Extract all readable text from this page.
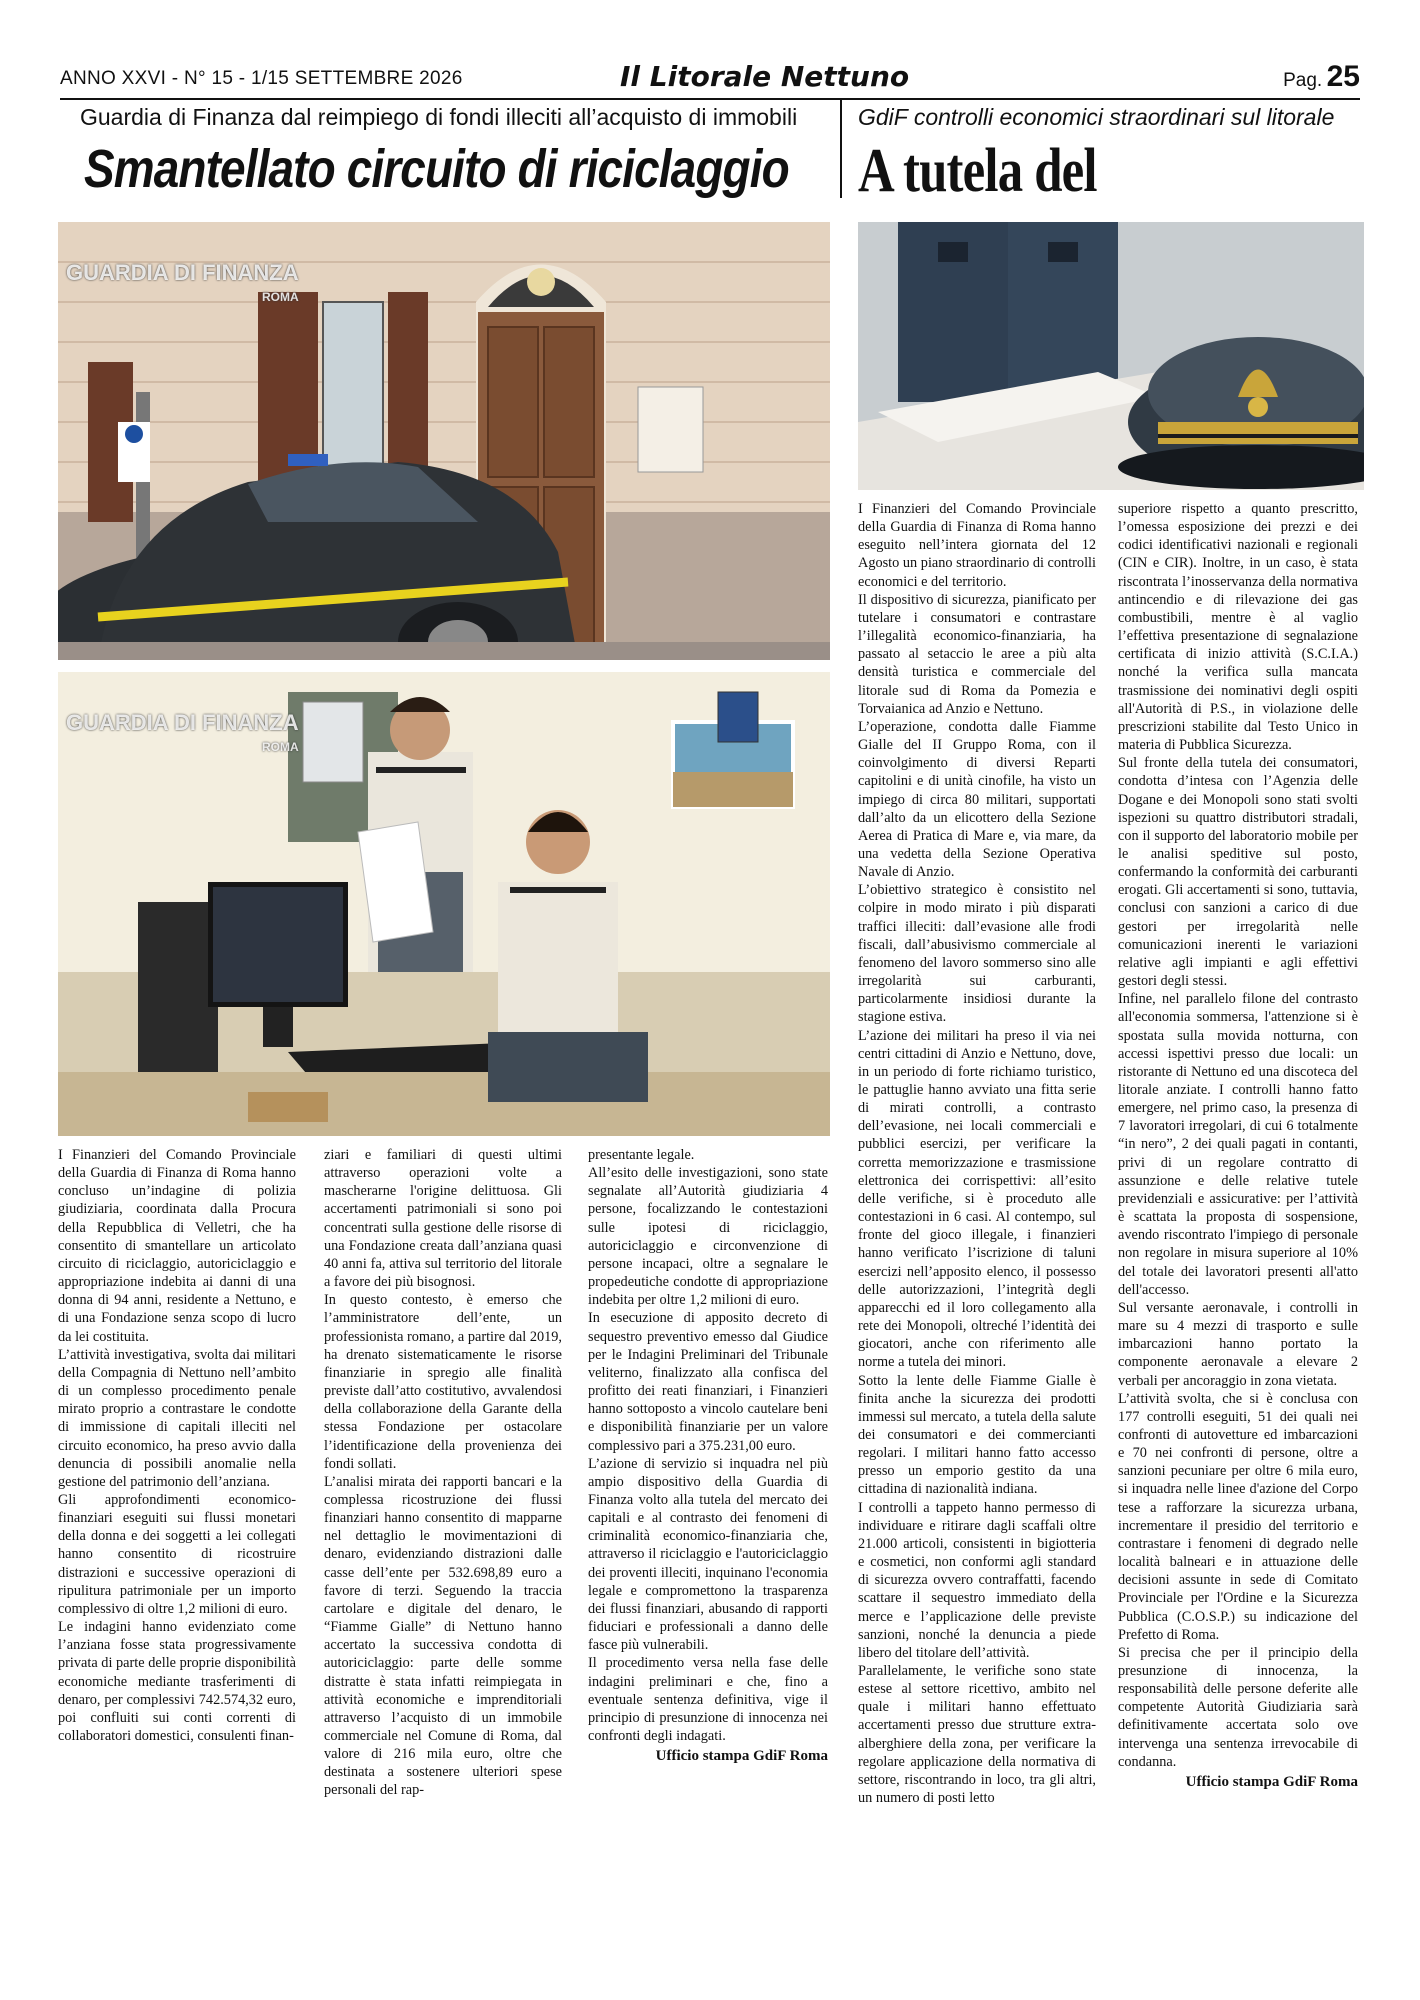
ANNO XXVI - N° 15 - 1/15 SETTEMBRE 2026	Il Litorale Nettuno	Pag. 25
Guardia di Finanza dal reimpiego di fondi illeciti all’acquisto di immobili
Smantellato circuito di riciclaggio
GdiF controlli economici straordinari sul litorale
A tutela del
GUARDIA DI FINANZA
ROMA
GUARDIA DI FINANZA
ROMA

I Finanzieri del Comando Provinciale della Guardia di Finanza di Roma hanno concluso un’indagine di polizia giudiziaria, coordinata dalla Procura della Repubblica di Velletri, che ha consentito di smantellare un articolato circuito di riciclaggio, autoriciclaggio e appropriazione indebita ai danni di una donna di 94 anni, residente a Nettuno, e di una Fondazione senza scopo di lucro da lei costituita.

L’attività investigativa, svolta dai militari della Compagnia di Nettuno nell’ambito di un complesso procedimento penale mirato proprio a contrastare le condotte di immissione di capitali illeciti nel circuito economico, ha preso avvio dalla denuncia di possibili anomalie nella gestione del patrimonio dell’anziana.

Gli approfondimenti economico-finanziari eseguiti sui flussi monetari della donna e dei soggetti a lei collegati hanno consentito di ricostruire distrazioni e successive operazioni di ripulitura patrimoniale per un importo complessivo di oltre 1,2 milioni di euro.

Le indagini hanno evidenziato come l’anziana fosse stata progressivamente privata di parte delle proprie disponibilità economiche mediante trasferimenti di denaro, per complessivi 742.574,32 euro, poi confluiti sui conti correnti di collaboratori domestici, consulenti finan-

ziari e familiari di questi ultimi attraverso operazioni volte a mascherarne l'origine delittuosa. Gli accertamenti patrimoniali si sono poi concentrati sulla gestione delle risorse di una Fondazione creata dall’anziana quasi 40 anni fa, attiva sul territorio del litorale a favore dei più bisognosi.

In questo contesto, è emerso che l’amministratore dell’ente, un professionista romano, a partire dal 2019, ha drenato sistematicamente le risorse finanziarie in spregio alle finalità previste dall’atto costitutivo, avvalendosi della collaborazione della Garante della stessa Fondazione per ostacolare l’identificazione della provenienza dei fondi sollati.

L’analisi mirata dei rapporti bancari e la complessa ricostruzione dei flussi finanziari hanno consentito di mapparne nel dettaglio le movimentazioni di denaro, evidenziando distrazioni dalle casse dell’ente per 532.698,89 euro a favore di terzi. Seguendo la traccia cartolare e digitale del denaro, le “Fiamme Gialle” di Nettuno hanno accertato la successiva condotta di autoriciclaggio: parte delle somme distratte è stata infatti reimpiegata in attività economiche e imprenditoriali attraverso l’acquisto di un immobile commerciale nel Comune di Roma, dal valore di 216 mila euro, oltre che destinata a sostenere ulteriori spese personali del rap-

presentante legale.

All’esito delle investigazioni, sono state segnalate all’Autorità giudiziaria 4 persone, focalizzando le contestazioni sulle ipotesi di riciclaggio, autoriciclaggio e circonvenzione di persone incapaci, oltre a segnalare le propedeutiche condotte di appropriazione indebita per oltre 1,2 milioni di euro.

In esecuzione di apposito decreto di sequestro preventivo emesso dal Giudice per le Indagini Preliminari del Tribunale veliterno, finalizzato alla confisca del profitto dei reati finanziari, i Finanzieri hanno sottoposto a vincolo cautelare beni e disponibilità finanziarie per un valore complessivo pari a 375.231,00 euro.

L’azione di servizio si inquadra nel più ampio dispositivo della Guardia di Finanza volto alla tutela del mercato dei capitali e al contrasto dei fenomeni di criminalità economico-finanziaria che, attraverso il riciclaggio e l'autoriciclaggio dei proventi illeciti, inquinano l'economia legale e compromettono la trasparenza dei flussi finanziari, abusando di rapporti fiduciari e professionali a danno delle fasce più vulnerabili.

Il procedimento versa nella fase delle indagini preliminari e che, fino a eventuale sentenza definitiva, vige il principio di presunzione di innocenza nei confronti degli indagati.

Ufficio stampa GdiF Roma

I Finanzieri del Comando Provinciale della Guardia di Finanza di Roma hanno eseguito nell’intera giornata del 12 Agosto un piano straordinario di controlli economici e del territorio.

Il dispositivo di sicurezza, pianificato per tutelare i consumatori e contrastare l’illegalità economico-finanziaria, ha passato al setaccio le aree a più alta densità turistica e commerciale del litorale sud di Roma da Pomezia e Torvaianica ad Anzio e Nettuno.

L’operazione, condotta dalle Fiamme Gialle del II Gruppo Roma, con il coinvolgimento di diversi Reparti capitolini e di unità cinofile, ha visto un impiego di circa 80 militari, supportati dall’alto da un elicottero della Sezione Aerea di Pratica di Mare e, via mare, da una vedetta della Sezione Operativa Navale di Anzio.

L’obiettivo strategico è consistito nel colpire in modo mirato i più disparati traffici illeciti: dall’evasione alle frodi fiscali, dall’abusivismo commerciale al fenomeno del lavoro sommerso sino alle irregolarità sui carburanti, particolarmente insidiosi durante la stagione estiva.

L’azione dei militari ha preso il via nei centri cittadini di Anzio e Nettuno, dove, in un periodo di forte richiamo turistico, le pattuglie hanno avviato una fitta serie di mirati controlli, a contrasto dell’evasione, nei locali commerciali e pubblici esercizi, per verificare la corretta memorizzazione e trasmissione elettronica dei corrispettivi: all’esito delle verifiche, si è proceduto alle contestazioni in 6 casi. Al contempo, sul fronte del gioco illegale, i finanzieri hanno verificato l’iscrizione di taluni esercizi nell’apposito elenco, il possesso delle autorizzazioni, l’integrità degli apparecchi ed il loro collegamento alla rete dei Monopoli, oltreché l’identità dei giocatori, anche con riferimento alle norme a tutela dei minori.

Sotto la lente delle Fiamme Gialle è finita anche la sicurezza dei prodotti immessi sul mercato, a tutela della salute dei consumatori e dei commercianti regolari. I militari hanno fatto accesso presso un emporio gestito da una cittadina di nazionalità indiana.

I controlli a tappeto hanno permesso di individuare e ritirare dagli scaffali oltre 21.000 articoli, consistenti in bigiotteria e cosmetici, non conformi agli standard di sicurezza ovvero contraffatti, facendo scattare il sequestro immediato della merce e l’applicazione delle previste sanzioni, nonché la denuncia a piede libero del titolare dell’attività.

Parallelamente, le verifiche sono state estese al settore ricettivo, ambito nel quale i militari hanno effettuato accertamenti presso due strutture extra-alberghiere della zona, per verificare la regolare applicazione della normativa di settore, riscontrando in loco, tra gli altri, un numero di posti letto

superiore rispetto a quanto prescritto, l’omessa esposizione dei prezzi e dei codici identificativi nazionali e regionali (CIN e CIR). Inoltre, in un caso, è stata riscontrata l’inosservanza della normativa antincendio e di rilevazione dei gas combustibili, mentre è al vaglio l’effettiva presentazione di segnalazione certificata di inizio attività (S.C.I.A.) nonché la verifica sulla mancata trasmissione dei nominativi degli ospiti all'Autorità di P.S., in violazione delle prescrizioni stabilite dal Testo Unico in materia di Pubblica Sicurezza.

Sul fronte della tutela dei consumatori, condotta d’intesa con l’Agenzia delle Dogane e dei Monopoli sono stati svolti ispezioni su quattro distributori stradali, con il supporto del laboratorio mobile per le analisi speditive sul posto, confermando la conformità dei carburanti erogati. Gli accertamenti si sono, tuttavia, conclusi con sanzioni a carico di due gestori per irregolarità nelle comunicazioni inerenti le variazioni relative agli impianti e agli effettivi gestori degli stessi.

Infine, nel parallelo filone del contrasto all'economia sommersa, l'attenzione si è spostata sulla movida notturna, con accessi ispettivi presso due locali: un ristorante di Nettuno ed una discoteca del litorale anziate. I controlli hanno fatto emergere, nel primo caso, la presenza di 7 lavoratori irregolari, di cui 6 totalmente “in nero”, 2 dei quali pagati in contanti, privi di un regolare contratto di assunzione e delle relative tutele previdenziali e assicurative: per l’attività è scattata la proposta di sospensione, avendo riscontrato l'impiego di personale non regolare in misura superiore al 10% del totale dei lavoratori presenti all'atto dell'accesso.

Sul versante aeronavale, i controlli in mare su 4 mezzi di trasporto e sulle imbarcazioni hanno portato la componente aeronavale a elevare 2 verbali per ancoraggio in zona vietata.

L’attività svolta, che si è conclusa con 177 controlli eseguiti, 51 dei quali nei confronti di autovetture ed imbarcazioni e 70 nei confronti di persone, oltre a sanzioni pecuniare per oltre 6 mila euro, si inquadra nelle linee d'azione del Corpo tese a rafforzare la sicurezza urbana, incrementare il presidio del territorio e contrastare i fenomeni di degrado nelle località balneari e in attuazione delle decisioni assunte in sede di Comitato Provinciale per l'Ordine e la Sicurezza Pubblica (C.O.S.P.) su indicazione del Prefetto di Roma.

Si precisa che per il principio della presunzione di innocenza, la responsabilità delle persone deferite alle competente Autorità Giudiziaria sarà definitivamente accertata solo ove intervenga una sentenza irrevocabile di condanna.

Ufficio stampa GdiF Roma
